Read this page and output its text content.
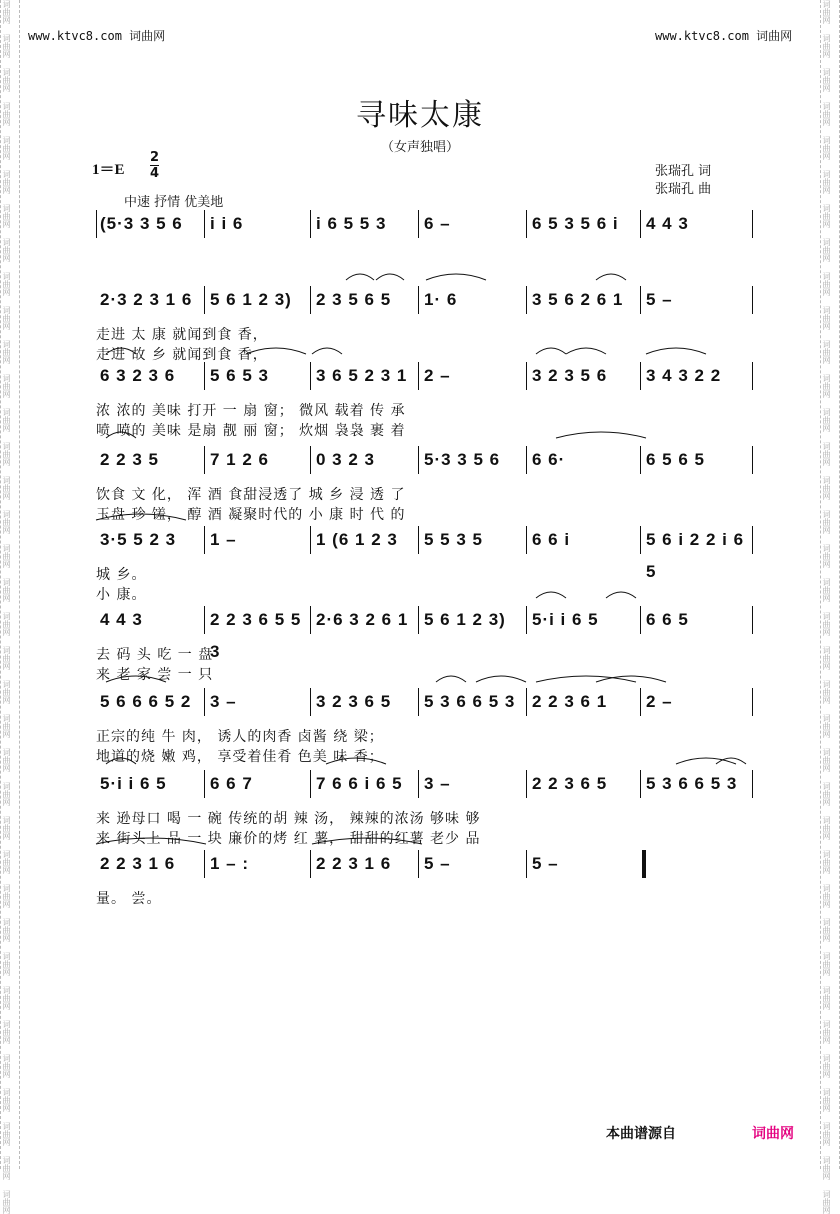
词曲网
词曲网
词曲网
词曲网
词曲网
词曲网
词曲网
词曲网
词曲网
词曲网
词曲网
词曲网
词曲网
词曲网
词曲网
词曲网
词曲网
词曲网
词曲网
词曲网
词曲网
词曲网
词曲网
词曲网
词曲网
词曲网
词曲网
词曲网
词曲网
词曲网
词曲网
词曲网
词曲网
词曲网
词曲网
词曲网
词曲网
词曲网
词曲网
词曲网
词曲网
词曲网
词曲网
词曲网
词曲网
词曲网
词曲网
词曲网
词曲网
词曲网
词曲网
词曲网
词曲网
词曲网
词曲网
词曲网
词曲网
词曲网
词曲网
词曲网
词曲网
词曲网
词曲网
词曲网
词曲网
词曲网
词曲网
词曲网
词曲网
词曲网
词曲网
词曲网
www.ktvc8.com 词曲网	www.ktvc8.com 词曲网
寻味太康
（女声独唱）
$1=E \frac{2}{4}$	张瑞孔 词
张瑞孔 曲
中速 抒情 优美地
(5·3 3 5 6	i i 6	i 6 5 5 3	6 –	6 5 3 5 6 i	4 4 3
2·3 2 3 1 6	5 6 1 2 3)	2 3 5 6 5	1· 6	3 5 6 2 6 1	5 –
走进 太 康 就闻到食 香，
走进 故 乡 就闻到食 香，
6 3 2 3 6	5 6 5 3	3 6 5 2 3 1 2 –	3 2 3 5 6	3 4 3 2 2
浓 浓的 美味 打开 一 扇 窗； 微风 载着 传 承
喷 喷的 美味 是扇 靓 丽 窗； 炊烟 袅袅 裹 着
2 2 3 5	7 1 2 6	0 3 2 3	5·3 3 5 6	6 6·	6 5 6 5
饮食 文 化， 浑 酒 食甜浸透了 城 乡 浸 透 了
玉盘 珍 馐， 醇 酒 凝聚时代的 小 康 时 代 的
3·5 5 2 3	1 –	1 (6 1 2 3	5 5 3 5	6 6 i	5 6 i 2 2 i 6 5
城 乡。
小 康。
4 4 3	2 2 3 6 5 5 3
2·6 3 2 6 1 5 6 1 2 3)	5·i i 6 5	6 6 5
去 码 头 吃 一 盘
来 老 家 尝 一 只
5 6 6 6 5 2	3 –	3 2 3 6 5	5 3 6 6 5 3 2 2 3 6 1	2 –
正宗的纯 牛 肉， 诱人的肉香 卤酱 绕 梁；
地道的烧 嫩 鸡， 享受着佳肴 色美 味 香；
5·i i 6 5	6 6 7	7 6 6 i 6 5	3 –	2 2 3 6 5	5 3 6 6 5 3
来 逊母口 喝 一 碗 传统的胡 辣 汤， 辣辣的浓汤 够味 够
来 街头上 品 一 块 廉价的烤 红 薯， 甜甜的红薯 老少 品
2 2 3 1 6	1 – :	2 2 3 1 6	5 –	5 –
量。 尝。
本曲谱源自	词曲网
